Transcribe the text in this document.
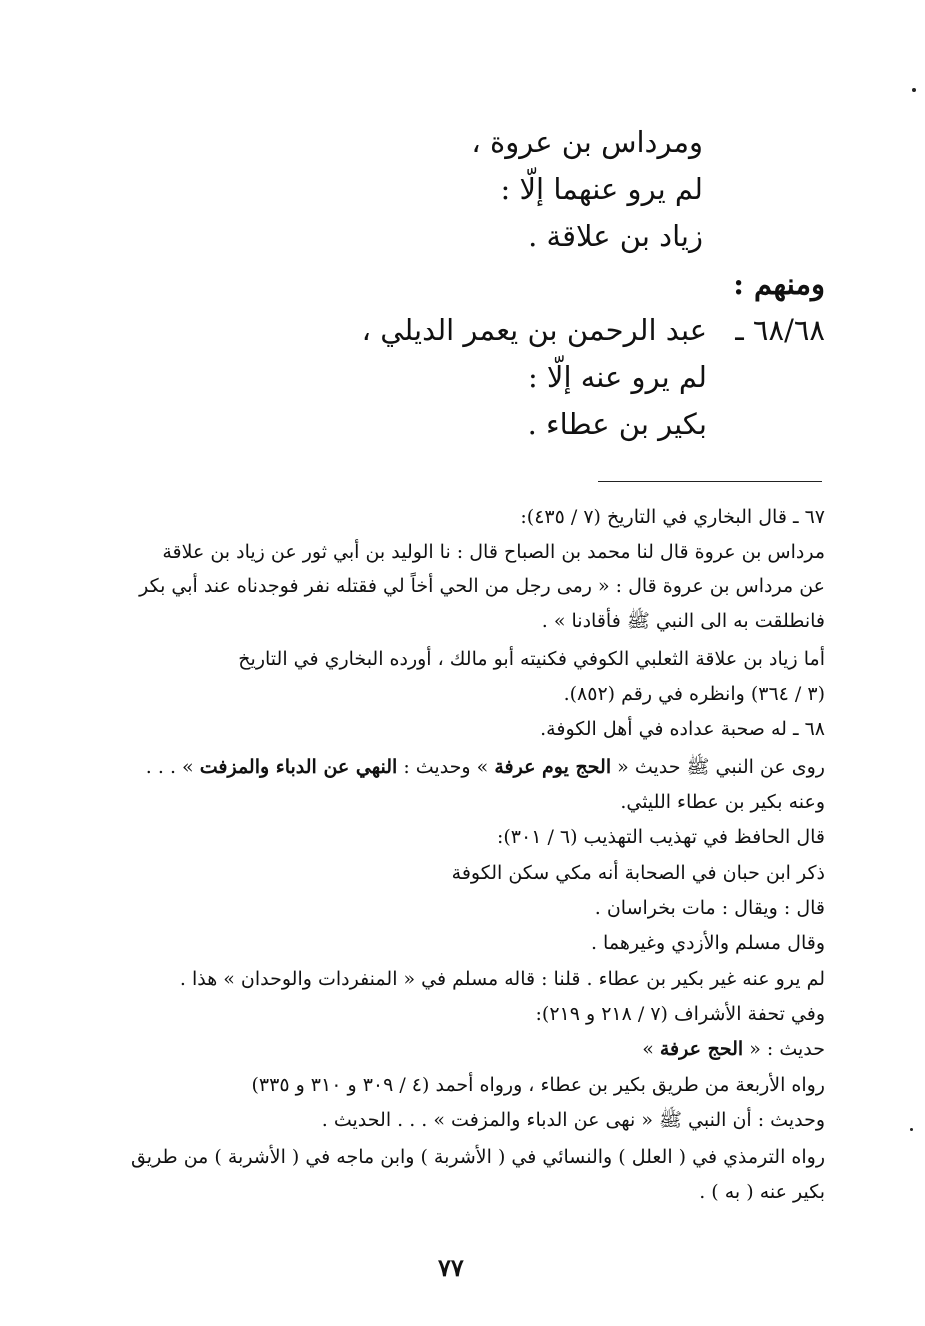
ومرداس بن عروة ،
لم يرو عنهما إلّا :
زياد بن علاقة .
ومنهم :
٦٨/٦٨ ـ
عبد الرحمن بن يعمر الديلي ،
لم يرو عنه إلّا :
بكير بن عطاء .
٦٧ ـ قال البخاري في التاريخ (٧ / ٤٣٥):
مرداس بن عروة قال لنا محمد بن الصباح قال : نا الوليد بن أبي ثور عن زياد بن علاقة
عن مرداس بن عروة قال : « رمى رجل من الحي أخاً لي فقتله نفر فوجدناه عند أبي بكر
فانطلقت به الى النبي ﷺ فأقادنا » .
أما زياد بن علاقة الثعلبي الكوفي فكنيته أبو مالك ، أورده البخاري في التاريخ
(٣ / ٣٦٤) وانظره في رقم (٨٥٢).
٦٨ ـ له صحبة عداده في أهل الكوفة.
روى عن النبي ﷺ حديث « الحج يوم عرفة » وحديث : النهي عن الدباء والمزفت » . . .
وعنه بكير بن عطاء الليثي.
قال الحافظ في تهذيب التهذيب (٦ / ٣٠١):
ذكر ابن حبان في الصحابة أنه مكي سكن الكوفة
قال : ويقال : مات بخراسان .
وقال مسلم والأزدي وغيرهما .
لم يرو عنه غير بكير بن عطاء . قلنا : قاله مسلم في « المنفردات والوحدان » هذا .
وفي تحفة الأشراف (٧ / ٢١٨ و ٢١٩):
حديث : « الحج عرفة »
رواه الأربعة من طريق بكير بن عطاء ، ورواه أحمد (٤ / ٣٠٩ و ٣١٠ و ٣٣٥)
وحديث : أن النبي ﷺ « نهى عن الدباء والمزفت » . . . الحديث .
رواه الترمذي في ( العلل ) والنسائي في ( الأشربة ) وابن ماجه في ( الأشربة ) من طريق
بكير عنه ( به ) .
٧٧
